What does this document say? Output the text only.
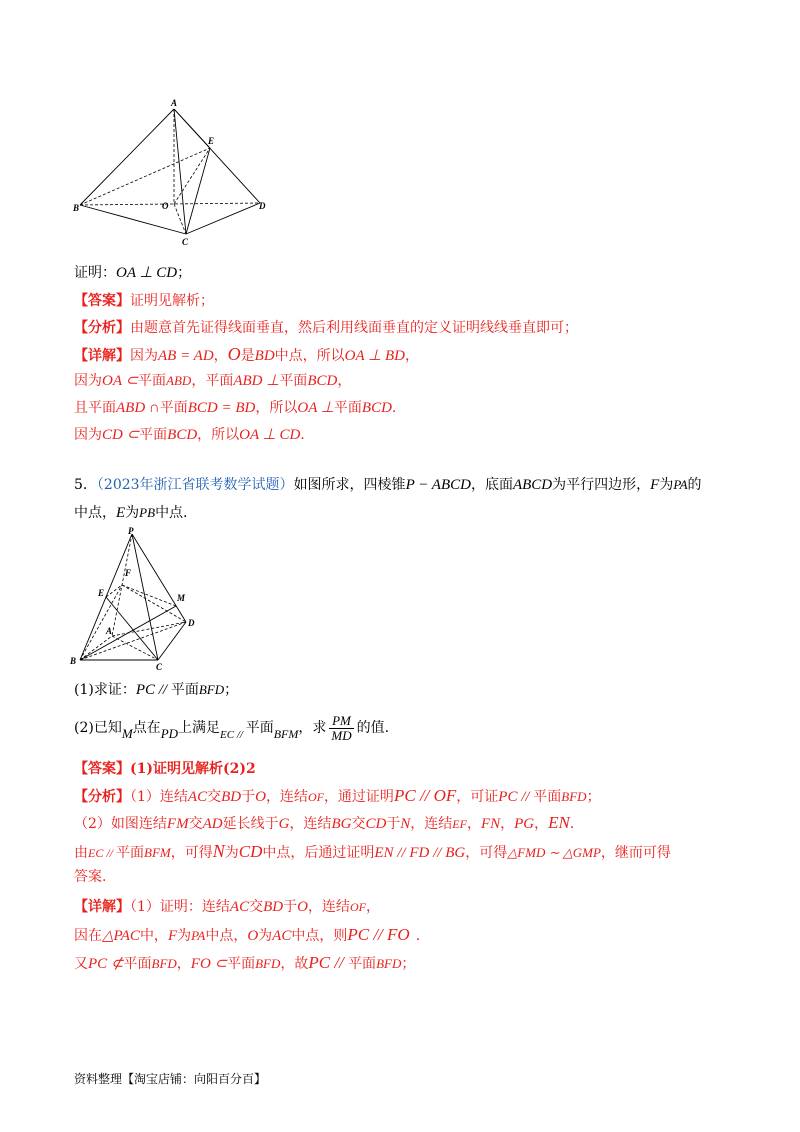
A
E
B	O	D
C
证明：OA ⊥ CD；
【答案】证明见解析；
【分析】由题意首先证得线面垂直，然后利用线面垂直的定义证明线线垂直即可；
【详解】因为AB = AD，O是BD中点，所以OA ⊥ BD，
因为OA ⊂平面ABD，平面ABD ⊥平面BCD，
且平面ABD ∩平面BCD = BD，所以OA ⊥平面BCD.
因为CD ⊂平面BCD，所以OA ⊥ CD.
5．（2023年浙江省联考数学试题）如图所求，四棱锥P − ABCD，底面ABCD为平行四边形，F为PA的
中点，E为PB中点.
P
F
M
E
D
A
B
C
(1)求证：PC // 平面BFD；
(2)已知M点在PD上满足$_{EC //}$ 平面BFM，求 $\frac{PM}{MD}$ 的值.
【答案】(1)证明见解析(2)2
【分析】（1）连结AC交BD于O，连结OF，通过证明PC // OF，可证PC // 平面BFD；
（2）如图连结FM交AD延长线于G，连结BG交CD于N，连结EF，FN，PG，EN.
由EC // 平面BFM，可得N为CD中点，后通过证明EN // FD // BG，可得△FMD ∼ △GMP，继而可得
答案.
【详解】（1）证明：连结AC交BD于O，连结OF，
因在△PAC中，F为PA中点，O为AC中点，则PC // FO .
又PC ⊄平面BFD，FO ⊂平面BFD，故PC // 平面BFD；
资料整理【淘宝店铺：向阳百分百】
